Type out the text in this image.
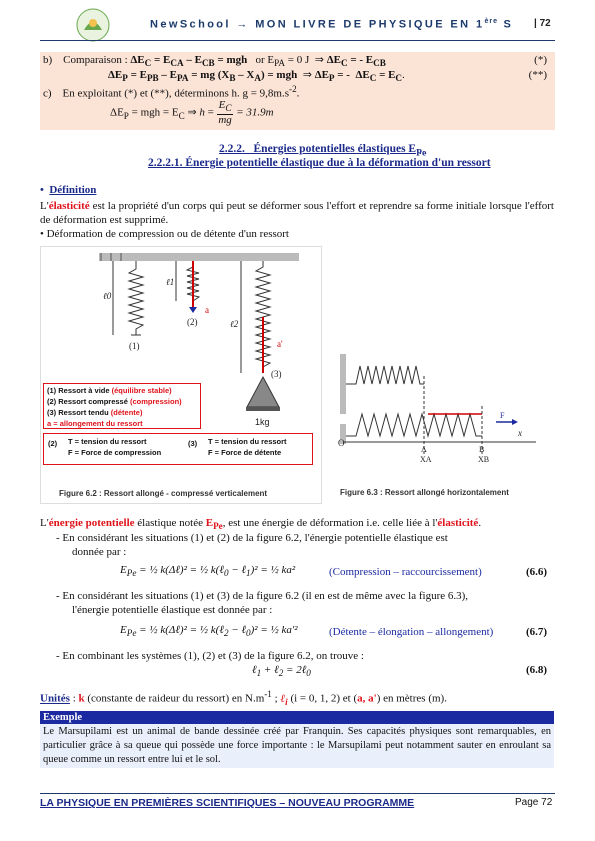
NewSchool → MON LIVRE DE PHYSIQUE EN 1ère S | 72
b) Comparaison : $\Delta E_C = E_{CA} - E_{CB}$ = mgh   or $E_{PA} = 0$ J  ⇒ $\Delta E_C$ = - $E_{CB}$	(*)
$\Delta E_P = E_{PB} - E_{PA}$ = mg $(X_B - X_A)$ = mgh  ⇒ $\Delta E_P$ = -  $\Delta E_C = E_C$.	(**)
c) En exploitant (*) et (**), déterminons h. $g = 9,8m.s^{-2}$.
$\Delta E_P$ = mgh = $E_C$ ⇒ $h = \frac{E_C}{mg} = 31.9m$
2.2.2.   Énergies potentielles élastiques $E_{Pe}$
2.2.2.1. Énergie potentielle élastique due à la déformation d'un ressort
• Définition
L'élasticité est la propriété d'un corps qui peut se déformer sous l'effort et reprendre sa forme initiale lorsque l'effort de déformation est supprimé.
• Déformation de compression ou de détente d'un ressort
1kg
ℓ0
ℓ1
ℓ2
a
a'
(1)
(2)
(3)
(1) Ressort à vide (équilibre stable)
(2) Ressort compressé (compression)
(3) Ressort tendu (détente)
a = allongement du ressort
(2) T = tension du ressort
F = Force de compression
(3) T = tension du ressort
F = Force de détente
Figure 6.2 : Ressort allongé - compressé verticalement
O
x
XA	XB
A	B
F
Figure 6.3 : Ressort allongé horizontalement
L'énergie potentielle élastique notée $E_{Pe}$, est une énergie de déformation i.e. celle liée à l'élasticité.
- En considérant les situations (1) et (2) de la figure 6.2, l'énergie potentielle élastique est
donnée par :
$E_{Pe}$ = ½ k(Δℓ)² = ½ k(ℓ$_0$ − ℓ$_1$)² = ½ ka²	(Compression – raccourcissement)	(6.6)
- En considérant les situations (1) et (3) de la figure 6.2 (il en est de même avec la figure 6.3),
l'énergie potentielle élastique est donnée par :
$E_{Pe}$ = ½ k(Δℓ)² = ½ k(ℓ$_2$ − ℓ$_0$)² = ½ ka'²	(Détente – élongation – allongement)	(6.7)
- En combinant les systèmes (1), (2) et (3) de la figure 6.2, on trouve :
ℓ$_1$ + ℓ$_2$ = 2ℓ$_0$	(6.8)
Unités : k (constante de raideur du ressort) en $N.m^{-1}$ ; ℓ$_i$ (i = 0, 1, 2) et (a, a') en mètres (m).
Exemple
Le Marsupilami est un animal de bande dessinée créé par Franquin. Ses capacités physiques sont remarquables, en particulier grâce à sa queue qui possède une force importante : le Marsupilami peut notamment sauter en enroulant sa queue comme un ressort entre lui et le sol.
LA PHYSIQUE EN PREMIÈRES SCIENTIFIQUES – NOUVEAU PROGRAMME	Page 72
